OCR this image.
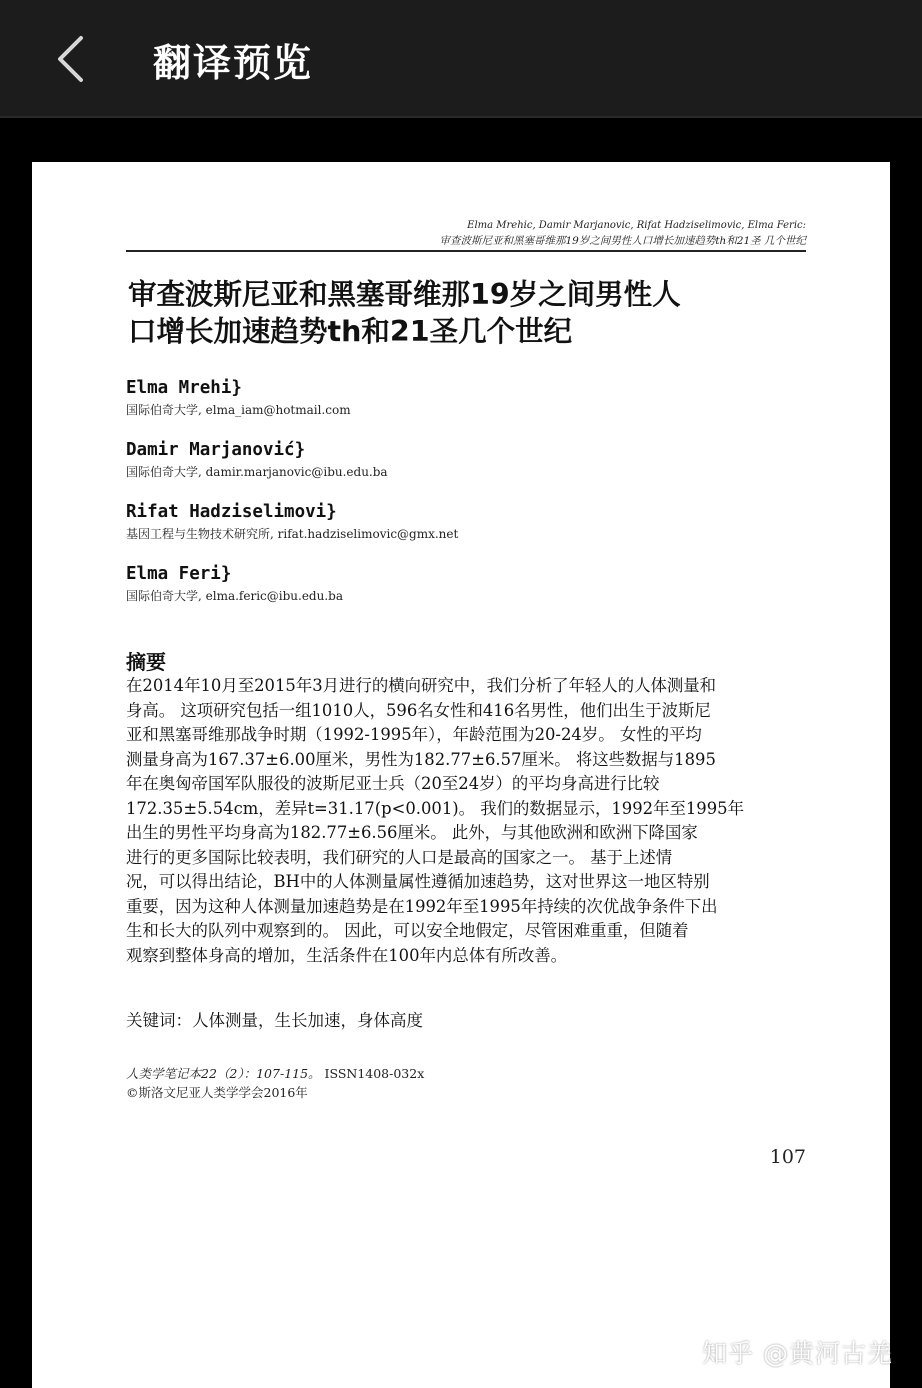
翻译预览
Elma Mrehic, Damir Marjanovic, Rifat Hadziselimovic, Elma Feric:
审查波斯尼亚和黑塞哥维那19岁之间男性人口增长加速趋势th和21圣 几个世纪
审查波斯尼亚和黑塞哥维那19岁之间男性人
口增长加速趋势th和21圣几个世纪
Elma Mrehi}
国际伯奇大学, elma_iam@hotmail.com
Damir Marjanović}
国际伯奇大学, damir.marjanovic@ibu.edu.ba
Rifat Hadziselimovi}
基因工程与生物技术研究所, rifat.hadziselimovic@gmx.net
Elma Feri}
国际伯奇大学, elma.feric@ibu.edu.ba
摘要
在2014年10月至2015年3月进行的横向研究中，我们分析了年轻人的人体测量和
身高。 这项研究包括一组1010人，596名女性和416名男性，他们出生于波斯尼
亚和黑塞哥维那战争时期（1992-1995年），年龄范围为20-24岁。 女性的平均
测量身高为167.37±6.00厘米，男性为182.77±6.57厘米。 将这些数据与1895
年在奥匈帝国军队服役的波斯尼亚士兵（20至24岁）的平均身高进行比较
172.35±5.54cm，差异t=31.17(p<0.001)。 我们的数据显示，1992年至1995年
出生的男性平均身高为182.77±6.56厘米。 此外，与其他欧洲和欧洲下降国家
进行的更多国际比较表明，我们研究的人口是最高的国家之一。 基于上述情
况，可以得出结论，BH中的人体测量属性遵循加速趋势，这对世界这一地区特别
重要，因为这种人体测量加速趋势是在1992年至1995年持续的次优战争条件下出
生和长大的队列中观察到的。 因此，可以安全地假定，尽管困难重重，但随着
观察到整体身高的增加，生活条件在100年内总体有所改善。
关键词：人体测量，生长加速，身体高度
人类学笔记本22（2）：107-115。 ISSN1408-032x
©斯洛文尼亚人类学学会2016年
107
知乎 @黄河古羌
